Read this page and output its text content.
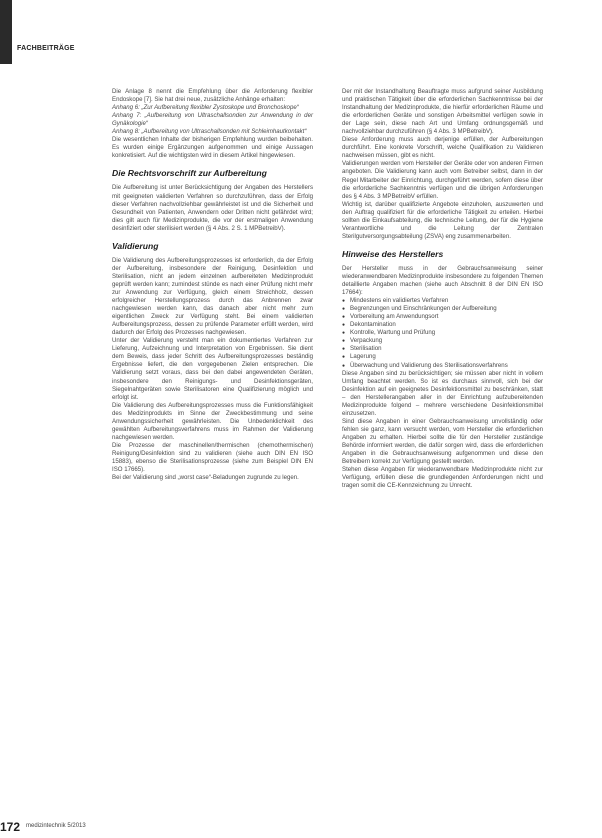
FACHBEITRÄGE

Die Anlage 8 nennt die Empfehlung über die Anforderung flexibler Endoskope [7]. Sie hat drei neue, zusätzliche Anhänge erhalten:

Anhang 6: „Zur Aufbereitung flexibler Zystoskope und Bronchoskope“

Anhang 7: „Aufbereitung von Ultraschallsonden zur Anwendung in der Gynäkologie“

Anhang 8: „Aufbereitung von Ultraschallsonden mit Schleimhautkontakt“

Die wesentlichen Inhalte der bisherigen Empfehlung wurden beibehalten. Es wurden einige Ergänzungen aufgenommen und einige Aussagen konkretisiert. Auf die wichtigsten wird in diesem Artikel hingewiesen.

Die Rechtsvorschrift zur Aufbereitung

Die Aufbereitung ist unter Berücksichtigung der Angaben des Herstellers mit geeigneten validierten Verfahren so durchzuführen, dass der Erfolg dieser Verfahren nachvollziehbar gewährleistet ist und die Sicherheit und Gesundheit von Patienten, Anwendern oder Dritten nicht gefährdet wird; dies gilt auch für Medizinprodukte, die vor der erstmaligen Anwendung desinfiziert oder sterilisiert werden (§ 4 Abs. 2 S. 1 MPBetreibV).

Validierung

Die Validierung des Aufbereitungsprozesses ist erforderlich, da der Erfolg der Aufbereitung, insbesondere der Reinigung, Desinfektion und Sterilisation, nicht an jedem einzelnen aufbereiteten Medizinprodukt geprüft werden kann; zumindest stünde es nach einer Prüfung nicht mehr zur Anwendung zur Verfügung, gleich einem Streichholz, dessen erfolgreicher Herstellungsprozess durch das Anbrennen zwar nachgewiesen werden kann, das danach aber nicht mehr zum eigentlichen Zweck zur Verfügung steht. Bei einem validierten Aufbereitungsprozess, dessen zu prüfende Parameter erfüllt werden, wird dadurch der Erfolg des Prozesses nachgewiesen.

Unter der Validierung versteht man ein dokumentiertes Verfahren zur Lieferung, Aufzeichnung und Interpretation von Ergebnissen. Sie dient dem Beweis, dass jeder Schritt des Aufbereitungsprozesses beständig Ergebnisse liefert, die den vorgegebenen Zielen entsprechen. Die Validierung setzt voraus, dass bei den dabei angewendeten Geräten, insbesondere den Reinigungs- und Desinfektionsgeräten, Siegelnahtgeräten sowie Sterilisatoren eine Qualifizierung möglich und erfolgt ist.

Die Validierung des Aufbereitungsprozesses muss die Funktionsfähigkeit des Medizinprodukts im Sinne der Zweckbestimmung und seine Anwendungssicherheit gewährleisten. Die Unbedenklichkeit des gewählten Aufbereitungsverfahrens muss im Rahmen der Validierung nachgewiesen werden.

Die Prozesse der maschinellen/thermischen (chemothermischen) Reinigung/Desinfektion sind zu validieren (siehe auch DIN EN ISO 15883), ebenso die Sterilisationsprozesse (siehe zum Beispiel DIN EN ISO 17665).

Bei der Validierung sind „worst case“-Beladungen zugrunde zu legen.

Der mit der Instandhaltung Beauftragte muss aufgrund seiner Ausbildung und praktischen Tätigkeit über die erforderlichen Sachkenntnisse bei der Instandhaltung der Medizinprodukte, die hierfür erforderlichen Räume und die erforderlichen Geräte und sonstigen Arbeitsmittel verfügen sowie in der Lage sein, diese nach Art und Umfang ordnungsgemäß und nachvollziehbar durchzuführen (§ 4 Abs. 3 MPBetreibV).

Diese Anforderung muss auch derjenige erfüllen, der Aufbereitungen durchführt. Eine konkrete Vorschrift, welche Qualifikation zu Validieren nachweisen müssen, gibt es nicht.

Validierungen werden vom Hersteller der Geräte oder von anderen Firmen angeboten. Die Validierung kann auch vom Betreiber selbst, dann in der Regel Mitarbeiter der Einrichtung, durchgeführt werden, sofern diese über die erforderliche Sachkenntnis verfügen und die übrigen Anforderungen des § 4 Abs. 3 MPBetreibV erfüllen.

Wichtig ist, darüber qualifizierte Angebote einzuholen, auszuwerten und den Auftrag qualifiziert für die erforderliche Tätigkeit zu erteilen. Hierbei sollten die Einkaufsabteilung, die technische Leitung, der für die Hygiene Verantwortliche und die Leitung der Zentralen Sterilgutversorgungsabteilung (ZSVA) eng zusammenarbeiten.

Hinweise des Herstellers

Der Hersteller muss in der Gebrauchsanweisung seiner wiederanwendbaren Medizinprodukte insbesondere zu folgenden Themen detaillierte Angaben machen (siehe auch Abschnitt 8 der DIN EN ISO 17664):

● Mindestens ein validiertes Verfahren
● Begrenzungen und Einschränkungen der Aufbereitung
● Vorbereitung am Anwendungsort
● Dekontamination
● Kontrolle, Wartung und Prüfung
● Verpackung
● Sterilisation
● Lagerung
● Überwachung und Validierung des Sterilisationsverfahrens

Diese Angaben sind zu berücksichtigen; sie müssen aber nicht in vollem Umfang beachtet werden. So ist es durchaus sinnvoll, sich bei der Desinfektion auf ein geeignetes Desinfektionsmittel zu beschränken, statt – den Herstellerangaben aller in der Einrichtung aufzubereitenden Medizinprodukte folgend – mehrere verschiedene Desinfektionsmittel einzusetzen.

Sind diese Angaben in einer Gebrauchsanweisung unvollständig oder fehlen sie ganz, kann versucht werden, vom Hersteller die erforderlichen Angaben zu erhalten. Hierbei sollte die für den Hersteller zuständige Behörde informiert werden, die dafür sorgen wird, dass die erforderlichen Angaben in die Gebrauchsanweisung aufgenommen und diese den Betreibern korrekt zur Verfügung gestellt werden.

Stehen diese Angaben für wiederanwendbare Medizinprodukte nicht zur Verfügung, erfüllen diese die grundlegenden Anforderungen nicht und tragen somit die CE-Kennzeichnung zu Unrecht.

172 medizintechnik 5/2013
